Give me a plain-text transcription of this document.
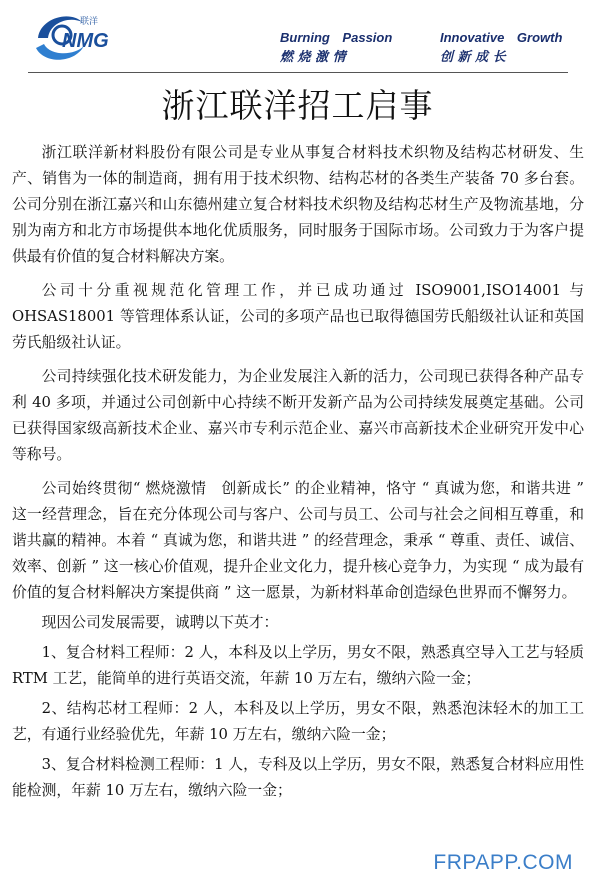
联洋
NMG	Burning Passion
燃 烧 激 情
Innovative Growth
创 新 成 长
浙江联洋招工启事

浙江联洋新材料股份有限公司是专业从事复合材料技术织物及结构芯材研发、生产、销售为一体的制造商，拥有用于技术织物、结构芯材的各类生产装备 70 多台套。公司分别在浙江嘉兴和山东德州建立复合材料技术织物及结构芯材生产及物流基地，分别为南方和北方市场提供本地化优质服务，同时服务于国际市场。公司致力于为客户提供最有价值的复合材料解决方案。

公司十分重视规范化管理工作，并已成功通过 ISO9001,ISO14001 与 OHSAS18001 等管理体系认证，公司的多项产品也已取得德国劳氏船级社认证和英国劳氏船级社认证。

公司持续强化技术研发能力，为企业发展注入新的活力，公司现已获得各种产品专利 40 多项，并通过公司创新中心持续不断开发新产品为公司持续发展奠定基础。公司已获得国家级高新技术企业、嘉兴市专利示范企业、嘉兴市高新技术企业研究开发中心等称号。

公司始终贯彻“ 燃烧激情　创新成长” 的企业精神，恪守 “ 真诚为您，和谐共进 ” 这一经营理念，旨在充分体现公司与客户、公司与员工、公司与社会之间相互尊重，和谐共赢的精神。本着 “ 真诚为您，和谐共进 ” 的经营理念，秉承 “ 尊重、责任、诚信、效率、创新 ” 这一核心价值观，提升企业文化力，提升核心竞争力，为实现 “ 成为最有价值的复合材料解决方案提供商 ” 这一愿景，为新材料革命创造绿色世界而不懈努力。

现因公司发展需要，诚聘以下英才：

1、复合材料工程师：2 人，本科及以上学历，男女不限，熟悉真空导入工艺与轻质 RTM 工艺，能简单的进行英语交流，年薪 10 万左右，缴纳六险一金；

2、结构芯材工程师：2 人，本科及以上学历，男女不限，熟悉泡沫轻木的加工工艺，有通行业经验优先，年薪 10 万左右，缴纳六险一金；

3、复合材料检测工程师：1 人，专科及以上学历，男女不限，熟悉复合材料应用性能检测，年薪 10 万左右，缴纳六险一金；

FRPAPP.COM
